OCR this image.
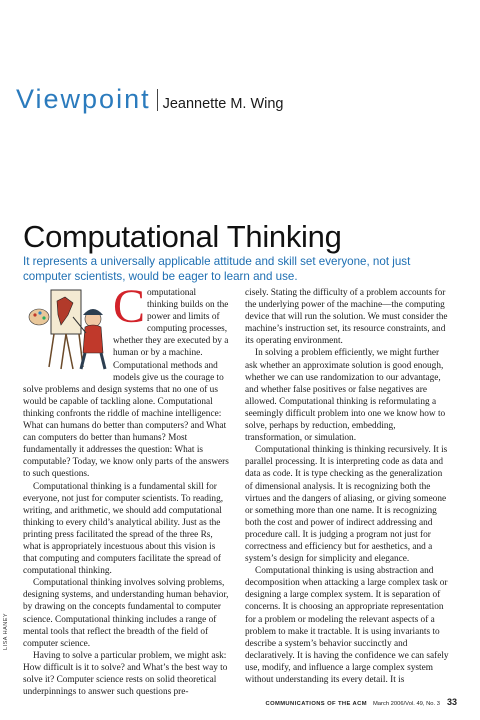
Viewpoint Jeannette M. Wing
Computational Thinking

It represents a universally applicable attitude and skill set everyone, not just computer scientists, would be eager to learn and use.

C omputational thinking builds on the power and limits of computing processes, whether they are executed by a human or by a machine. Computational methods and models give us the courage to solve problems and design systems that no one of us would be capable of tackling alone. Computational thinking confronts the riddle of machine intelligence: What can humans do better than computers? and What can computers do better than humans? Most fundamentally it addresses the question: What is computable? Today, we know only parts of the answers to such questions.

Computational thinking is a fundamental skill for everyone, not just for computer scientists. To reading, writing, and arithmetic, we should add computational thinking to every child’s analytical ability. Just as the printing press facilitated the spread of the three Rs, what is appropriately incestuous about this vision is that computing and computers facilitate the spread of computational thinking.

Computational thinking involves solving problems, designing systems, and understanding human behavior, by drawing on the concepts fundamental to computer science. Computational thinking includes a range of mental tools that reflect the breadth of the field of computer science.

Having to solve a particular problem, we might ask: How difficult is it to solve? and What’s the best way to solve it? Computer science rests on solid theoretical underpinnings to answer such questions pre-

cisely. Stating the difficulty of a problem accounts for the underlying power of the machine—the computing device that will run the solution. We must consider the machine’s instruction set, its resource constraints, and its operating environment.

In solving a problem efficiently, we might further ask whether an approximate solution is good enough, whether we can use randomization to our advantage, and whether false positives or false negatives are allowed. Computational thinking is reformulating a seemingly difficult problem into one we know how to solve, perhaps by reduction, embedding, transformation, or simulation.

Computational thinking is thinking recursively. It is parallel processing. It is interpreting code as data and data as code. It is type checking as the generalization of dimensional analysis. It is recognizing both the virtues and the dangers of aliasing, or giving someone or something more than one name. It is recognizing both the cost and power of indirect addressing and procedure call. It is judging a program not just for correctness and efficiency but for aesthetics, and a system’s design for simplicity and elegance.

Computational thinking is using abstraction and decomposition when attacking a large complex task or designing a large complex system. It is separation of concerns. It is choosing an appropriate representation for a problem or modeling the relevant aspects of a problem to make it tractable. It is using invariants to describe a system’s behavior succinctly and declaratively. It is having the confidence we can safely use, modify, and influence a large complex system without understanding its every detail. It is

LISA HANEY
COMMUNICATIONS OF THE ACM March 2006/Vol. 49, No. 3 33
